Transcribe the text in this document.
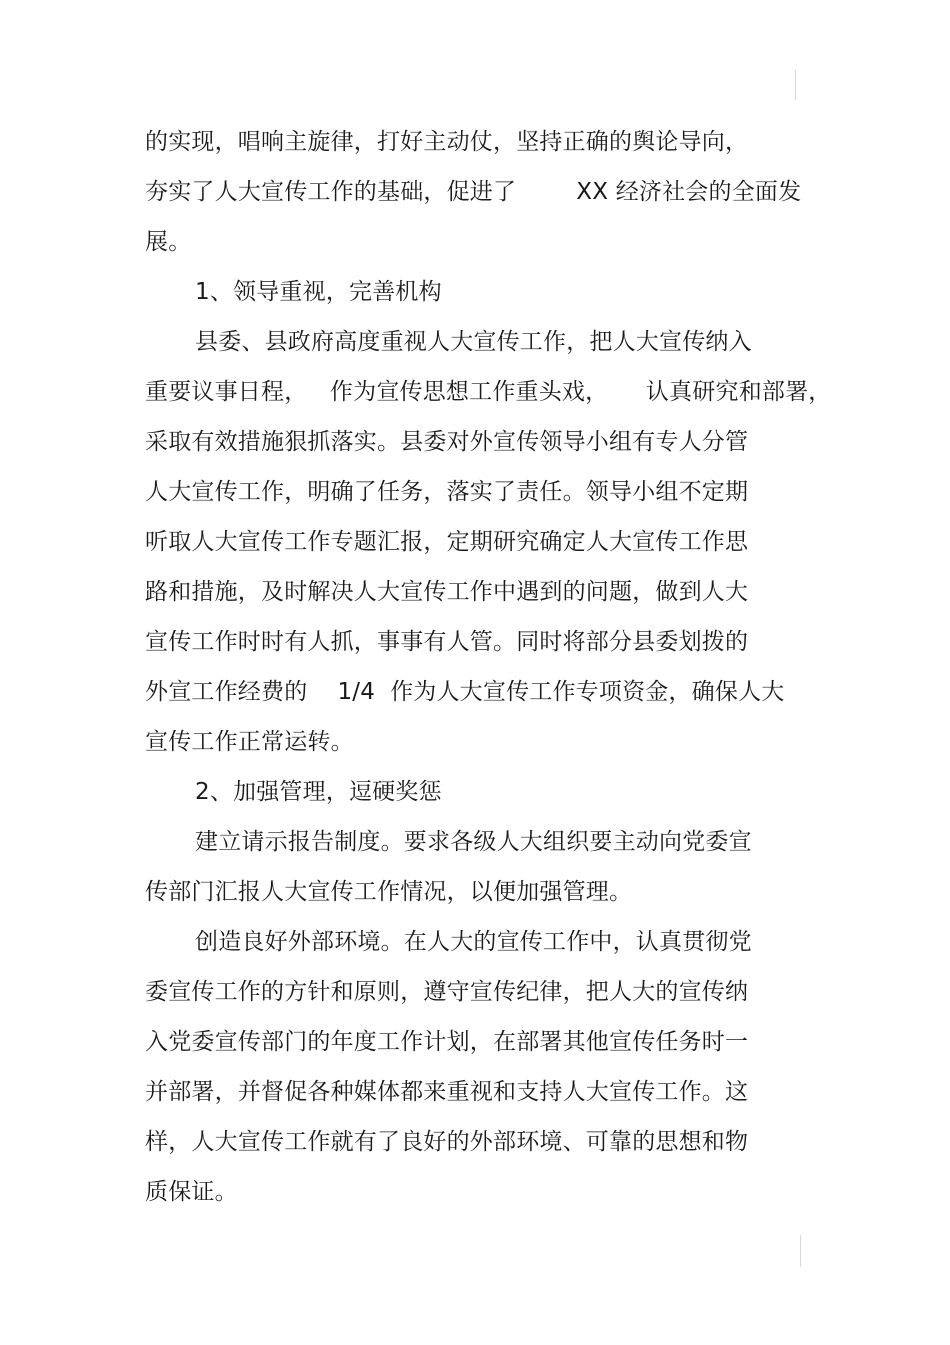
的实现，唱响主旋律，打好主动仗，坚持正确的舆论导向，
夯实了人大宣传工作的基础，促进了        XX 经济社会的全面发
展。
1、领导重视，完善机构
县委、县政府高度重视人大宣传工作，把人大宣传纳入
重要议事日程，   作为宣传思想工作重头戏，     认真研究和部署，
采取有效措施狠抓落实。县委对外宣传领导小组有专人分管
人大宣传工作，明确了任务，落实了责任。领导小组不定期
听取人大宣传工作专题汇报，定期研究确定人大宣传工作思
路和措施，及时解决人大宣传工作中遇到的问题，做到人大
宣传工作时时有人抓，事事有人管。同时将部分县委划拨的
外宣工作经费的    1/4  作为人大宣传工作专项资金，确保人大
宣传工作正常运转。
2、加强管理，逗硬奖惩
建立请示报告制度。要求各级人大组织要主动向党委宣
传部门汇报人大宣传工作情况，以便加强管理。
创造良好外部环境。在人大的宣传工作中，认真贯彻党
委宣传工作的方针和原则，遵守宣传纪律，把人大的宣传纳
入党委宣传部门的年度工作计划，在部署其他宣传任务时一
并部署，并督促各种媒体都来重视和支持人大宣传工作。这
样，人大宣传工作就有了良好的外部环境、可靠的思想和物
质保证。
